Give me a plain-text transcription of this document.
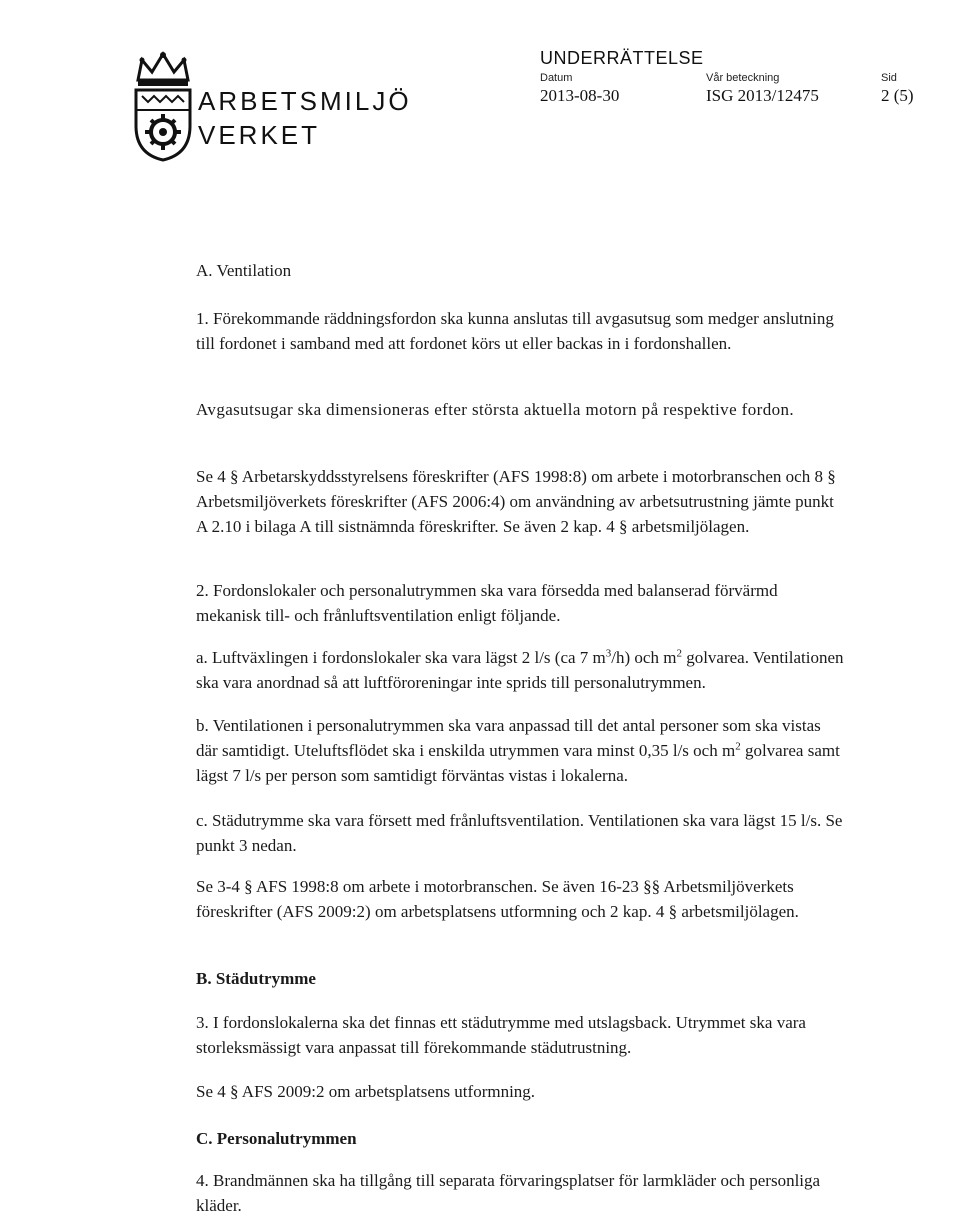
ARBETSMILJÖ
VERKET
UNDERRÄTTELSE
Datum
2013-08-30
Vår beteckning
ISG 2013/12475
Sid
2 (5)
A. Ventilation
1. Förekommande räddningsfordon ska kunna anslutas till avgasutsug som medger anslutning till fordonet i samband med att fordonet körs ut eller backas in i fordonshallen.
Avgasutsugar ska dimensioneras efter största aktuella motorn på respektive fordon.
Se 4 § Arbetarskyddsstyrelsens föreskrifter (AFS 1998:8) om arbete i motorbranschen och 8 § Arbetsmiljöverkets föreskrifter (AFS 2006:4) om användning av arbetsutrustning jämte punkt A 2.10 i bilaga A till sistnämnda föreskrifter. Se även 2 kap. 4 § arbetsmiljölagen.
2. Fordonslokaler och personalutrymmen ska vara försedda med balanserad förvärmd mekanisk till- och frånluftsventilation enligt följande.
a. Luftväxlingen i fordonslokaler ska vara lägst 2 l/s (ca 7 $m^3/h$) och $m^2$ golvarea. Ventilationen ska vara anordnad så att luftföroreningar inte sprids till personalutrymmen.
b. Ventilationen i personalutrymmen ska vara anpassad till det antal personer som ska vistas där samtidigt. Uteluftsflödet ska i enskilda utrymmen vara minst 0,35 l/s och $m^2$ golvarea samt lägst 7 l/s per person som samtidigt förväntas vistas i lokalerna.
c. Städutrymme ska vara försett med frånluftsventilation. Ventilationen ska vara lägst 15 l/s. Se punkt 3 nedan.
Se 3-4 § AFS 1998:8 om arbete i motorbranschen. Se även 16-23 §§ Arbetsmiljöverkets föreskrifter (AFS 2009:2) om arbetsplatsens utformning och 2 kap. 4 § arbetsmiljölagen.
B. Städutrymme
3. I fordonslokalerna ska det finnas ett städutrymme med utslagsback. Utrymmet ska vara storleksmässigt vara anpassat till förekommande städutrustning.
Se 4 § AFS 2009:2 om arbetsplatsens utformning.
C. Personalutrymmen
4. Brandmännen ska ha tillgång till separata förvaringsplatser för larmkläder och personliga kläder.
